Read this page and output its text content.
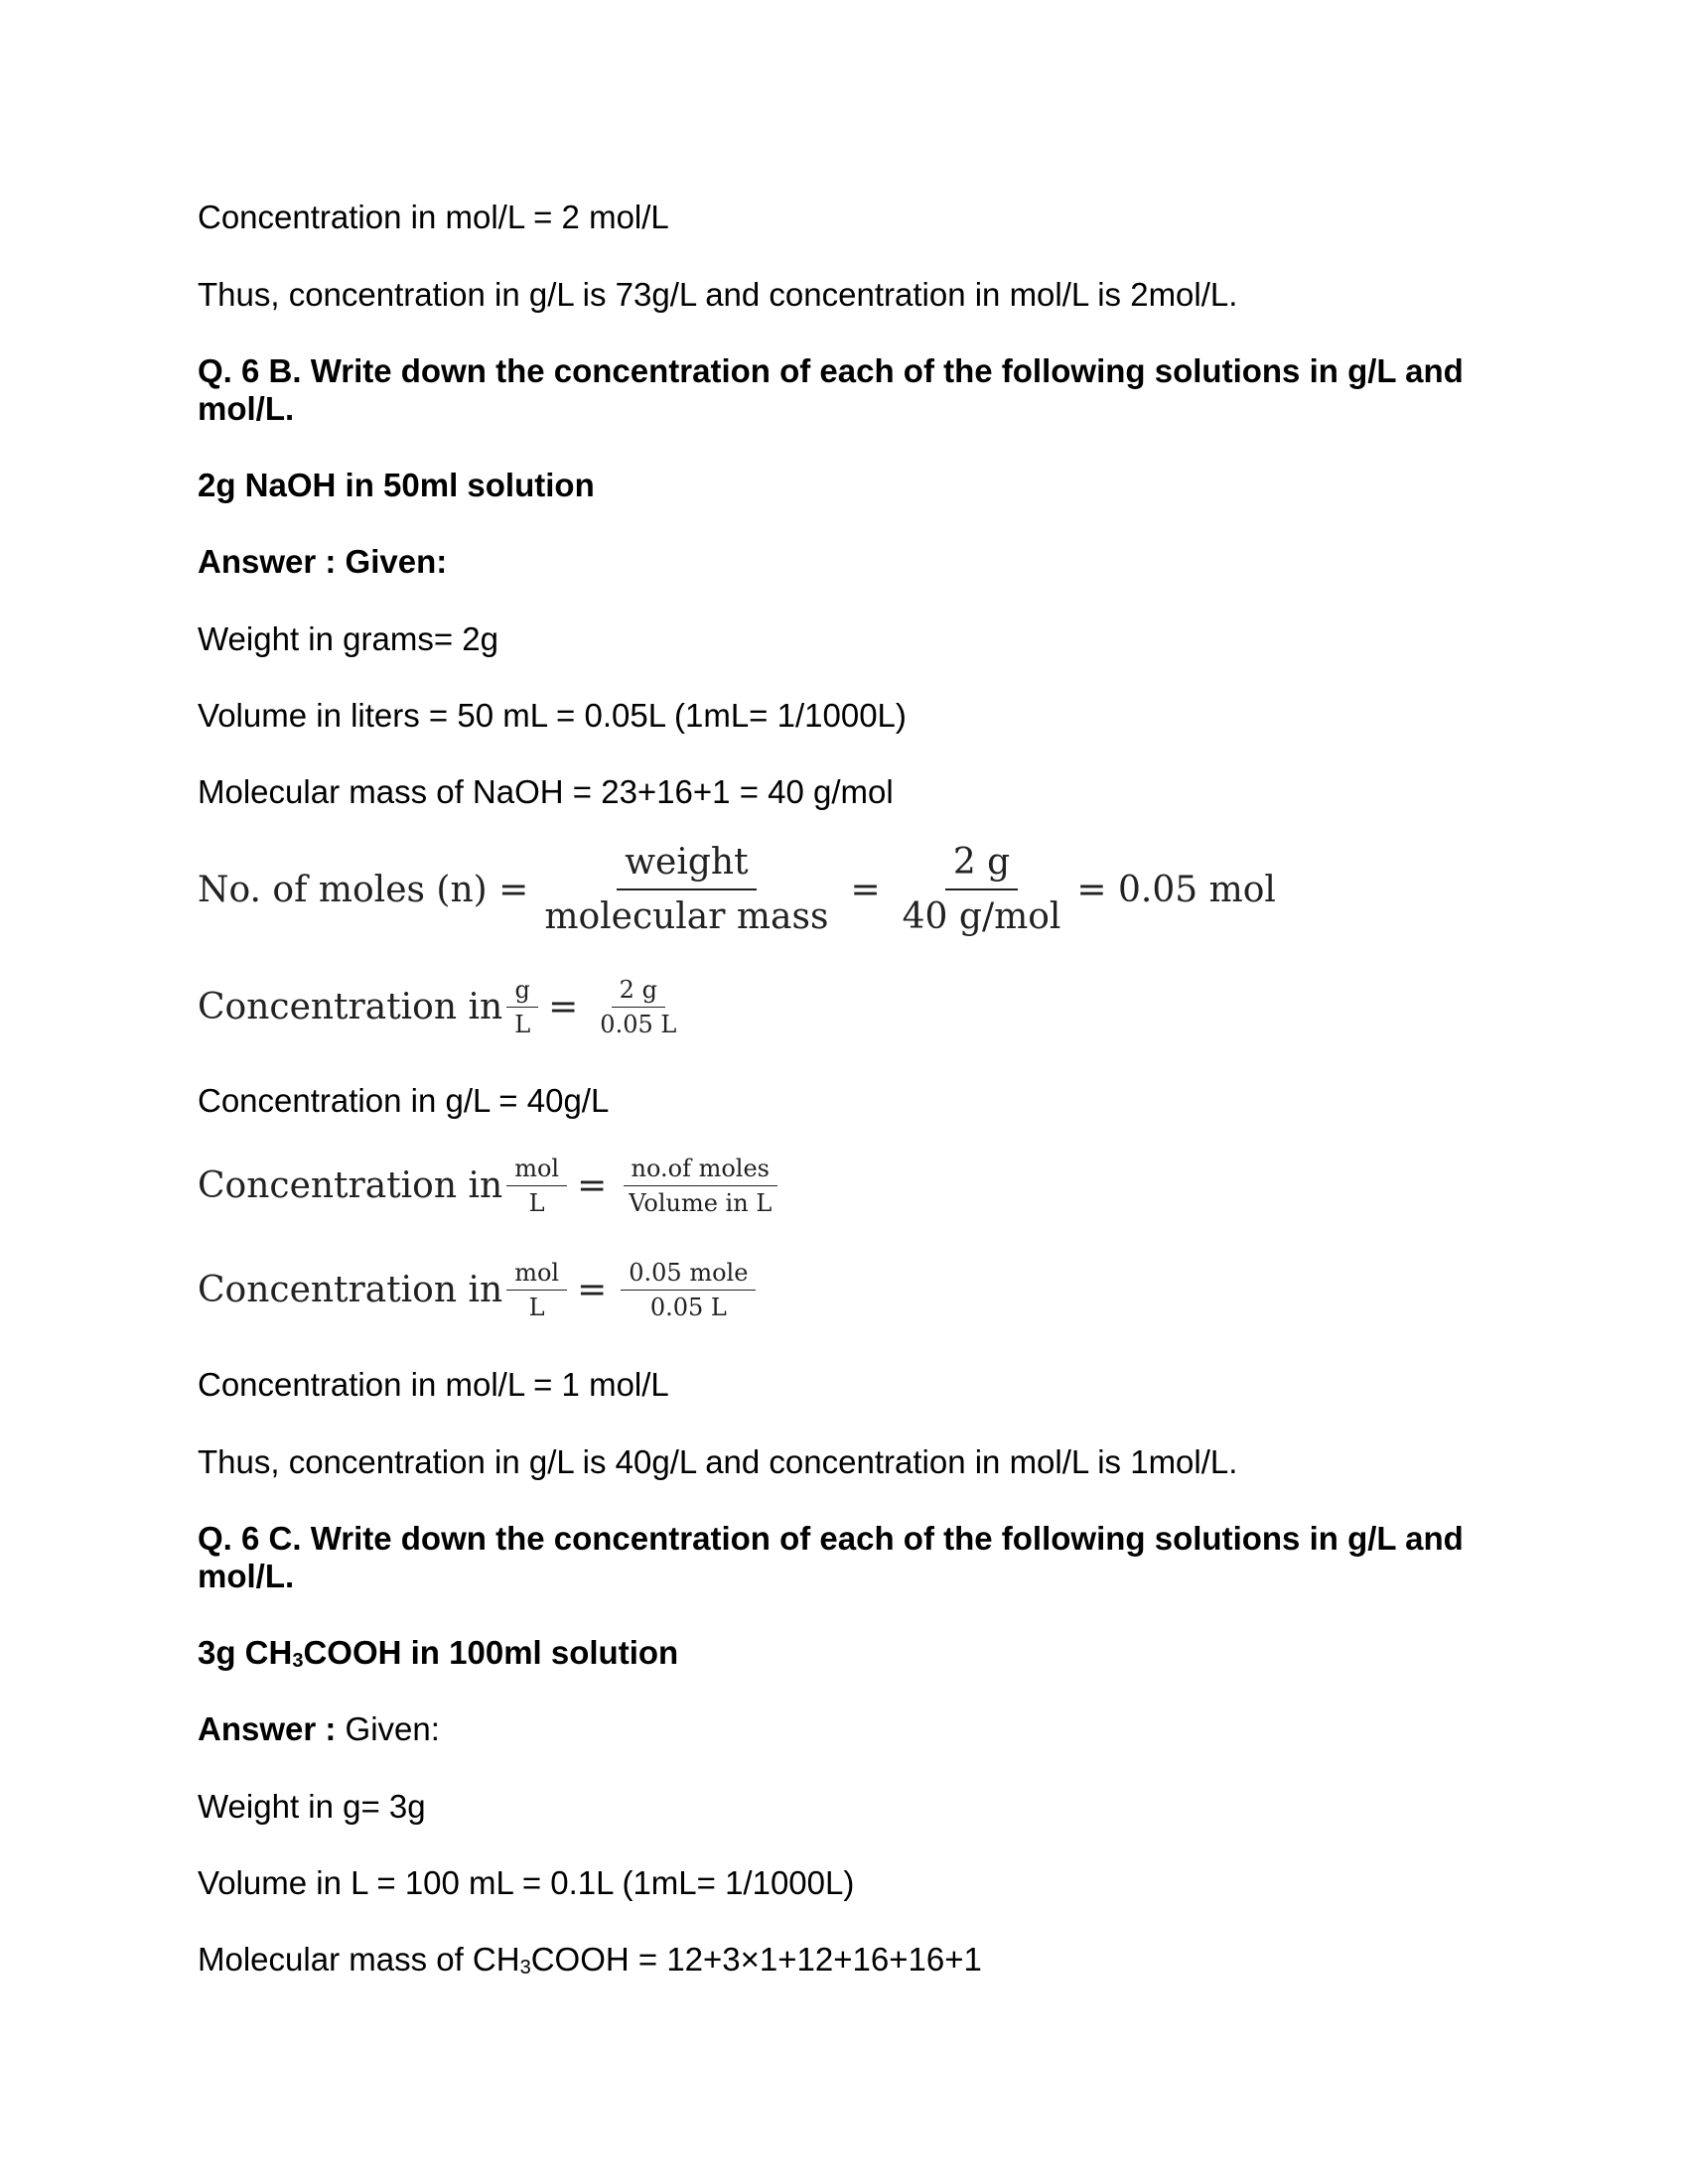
Concentration in mol/L = 2 mol/L
Thus, concentration in g/L is 73g/L and concentration in mol/L is 2mol/L.
Q. 6 B. Write down the concentration of each of the following solutions in g/L and
mol/L.
2g NaOH in 50ml solution
Answer : Given:
Weight in grams= 2g
Volume in liters = 50 mL = 0.05L (1mL= 1/1000L)
Molecular mass of NaOH = 23+16+1 = 40 g/mol
No. of moles $(n) = \frac{\text{weight}}{\text{molecular mass}} = \frac{2 g}{\text{40 g/mol}} = 0.05$ mol
Concentration in $\frac{g}{L} = \frac{2 g}{0.05 L}$
Concentration in g/L = 40g/L
Concentration in $\frac{\text{mol}}{L} = \frac{\text{no.of moles}}{\text{Volume in L}}$
Concentration in $\frac{\text{mol}}{L} = \frac{\text{0.05 mole}}{0.05 L}$
Concentration in mol/L = 1 mol/L
Thus, concentration in g/L is 40g/L and concentration in mol/L is 1mol/L.
Q. 6 C. Write down the concentration of each of the following solutions in g/L and
mol/L.
3g $CH_3COOH$ in 100ml solution
Answer : Given:
Weight in g= 3g
Volume in L = 100 mL = 0.1L (1mL= 1/1000L)
Molecular mass of $CH_3COOH = 12+3\times 1+12+16+16+1$
